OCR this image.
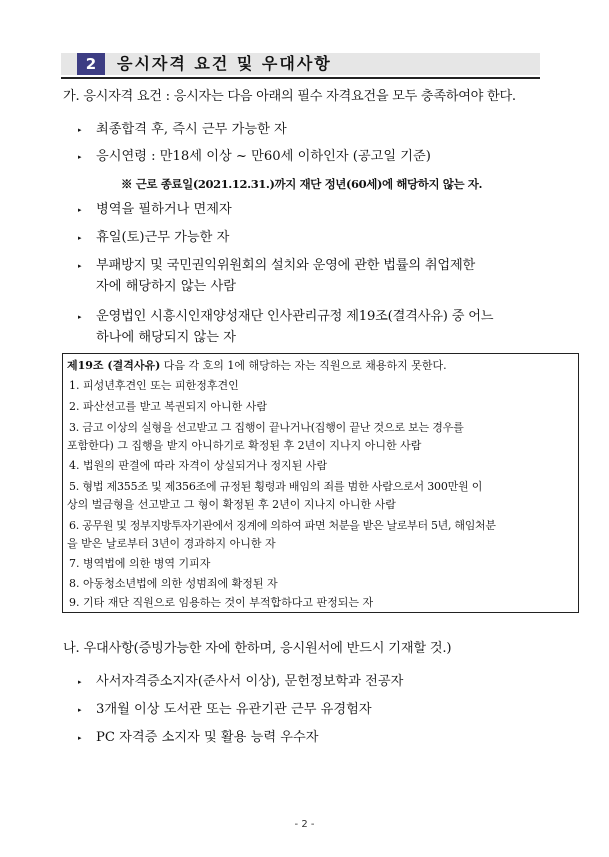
2	응시자격 요건 및 우대사항
가. 응시자격 요건 : 응시자는 다음 아래의 필수 자격요건을 모두 충족하여야 한다.
▸ 최종합격 후, 즉시 근무 가능한 자
▸ 응시연령 : 만18세 이상 ~ 만60세 이하인자 (공고일 기준)
※ 근로 종료일(2021.12.31.)까지 재단 정년(60세)에 해당하지 않는 자.
▸ 병역을 필하거나 면제자
▸ 휴일(토)근무 가능한 자
▸ 부패방지 및 국민권익위원회의 설치와 운영에 관한 법률의 취업제한
자에 해당하지 않는 사람
▸ 운영법인 시흥시인재양성재단 인사관리규정 제19조(결격사유) 중 어느
하나에 해당되지 않는 자
제19조 (결격사유) 다음 각 호의 1에 해당하는 자는 직원으로 채용하지 못한다.
1. 피성년후견인 또는 피한정후견인
2. 파산선고를 받고 복권되지 아니한 사람
3. 금고 이상의 실형을 선고받고 그 집행이 끝나거나(집행이 끝난 것으로 보는 경우를
포함한다) 그 집행을 받지 아니하기로 확정된 후 2년이 지나지 아니한 사람
4. 법원의 판결에 따라 자격이 상실되거나 정지된 사람
5. 형법 제355조 및 제356조에 규정된 횡령과 배임의 죄를 범한 사람으로서 300만원 이
상의 벌금형을 선고받고 그 형이 확정된 후 2년이 지나지 아니한 사람
6. 공무원 및 정부지방투자기관에서 징계에 의하여 파면 처분을 받은 날로부터 5년, 해임처분
을 받은 날로부터 3년이 경과하지 아니한 자
7. 병역법에 의한 병역 기피자
8. 아동청소년법에 의한 성범죄에 확정된 자
9. 기타 재단 직원으로 임용하는 것이 부적합하다고 판정되는 자
나. 우대사항(증빙가능한 자에 한하며, 응시원서에 반드시 기재할 것.)
▸ 사서자격증소지자(준사서 이상), 문헌정보학과 전공자
▸ 3개월 이상 도서관 또는 유관기관 근무 유경험자
▸ PC 자격증 소지자 및 활용 능력 우수자
- 2 -
